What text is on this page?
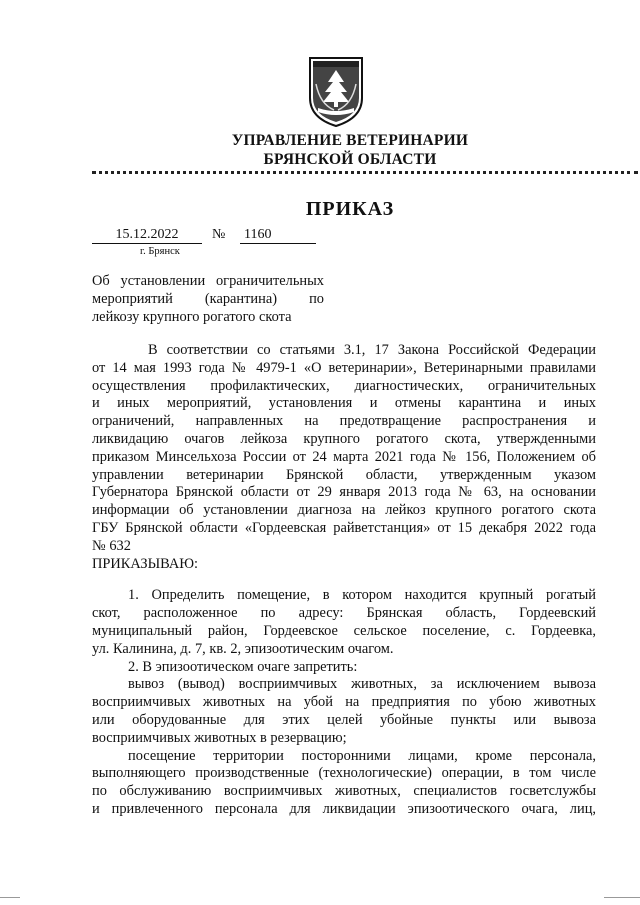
УПРАВЛЕНИЕ ВЕТЕРИНАРИИ
БРЯНСКОЙ ОБЛАСТИ
ПРИКАЗ
15.12.2022	№ 1160
г. Брянск
Об установлении ограничительных
мероприятий (карантина) по
лейкозу крупного рогатого скота
В соответствии со статьями 3.1, 17 Закона Российской Федерации
от 14 мая 1993 года № 4979-1 «О ветеринарии», Ветеринарными правилами
осуществления профилактических, диагностических, ограничительных
и иных мероприятий, установления и отмены карантина и иных
ограничений, направленных на предотвращение распространения и
ликвидацию очагов лейкоза крупного рогатого скота, утвержденными
приказом Минсельхоза России от 24 марта 2021 года № 156, Положением об
управлении ветеринарии Брянской области, утвержденным указом
Губернатора Брянской области от 29 января 2013 года № 63, на основании
информации об установлении диагноза на лейкоз крупного рогатого скота
ГБУ Брянской области «Гордеевская райветстанция» от 15 декабря 2022 года
№ 632
ПРИКАЗЫВАЮ:
1. Определить помещение, в котором находится крупный рогатый
скот, расположенное по адресу: Брянская область, Гордеевский
муниципальный район, Гордеевское сельское поселение, с. Гордеевка,
ул. Калинина, д. 7, кв. 2, эпизоотическим очагом.
2. В эпизоотическом очаге запретить:
вывоз (вывод) восприимчивых животных, за исключением вывоза
восприимчивых животных на убой на предприятия по убою животных
или оборудованные для этих целей убойные пункты или вывоза
восприимчивых животных в резервацию;
посещение территории посторонними лицами, кроме персонала,
выполняющего производственные (технологические) операции, в том числе
по обслуживанию восприимчивых животных, специалистов госветслужбы
и привлеченного персонала для ликвидации эпизоотического очага, лиц,
